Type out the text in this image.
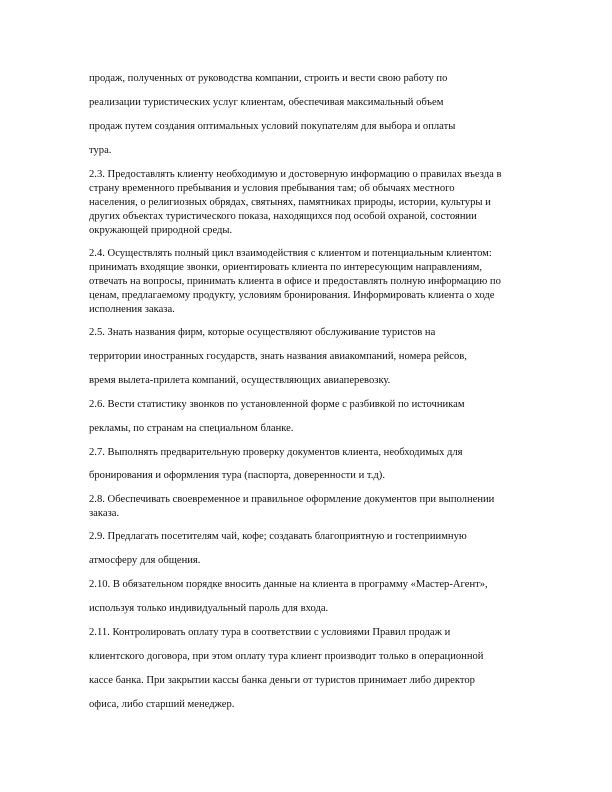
продаж, полученных от руководства компании, строить и вести свою работу по
реализации туристических услуг клиентам, обеспечивая максимальный объем
продаж путем создания оптимальных условий покупателям для выбора и оплаты
тура.
2.3. Предоставлять клиенту необходимую и достоверную информацию о правилах въезда в
страну временного пребывания и условия пребывания там; об обычаях местного
населения, о религиозных обрядах, святынях, памятниках природы, истории, культуры и
других объектах туристического показа, находящихся под особой охраной, состоянии
окружающей природной среды.
2.4. Осуществлять полный цикл взаимодействия с клиентом и потенциальным клиентом:
принимать входящие звонки, ориентировать клиента по интересующим направлениям,
отвечать на вопросы, принимать клиента в офисе и предоставлять полную информацию по
ценам, предлагаемому продукту, условиям бронирования. Информировать клиента о ходе
исполнения заказа.
2.5. Знать названия фирм, которые осуществляют обслуживание туристов на
территории иностранных государств, знать названия авиакомпаний, номера рейсов,
время вылета-прилета компаний, осуществляющих авиаперевозку.
2.6. Вести статистику звонков по установленной форме с разбивкой по источникам
рекламы, по странам на специальном бланке.
2.7. Выполнять предварительную проверку документов клиента, необходимых для
бронирования и оформления тура (паспорта, доверенности и т.д).
2.8. Обеспечивать своевременное и правильное оформление документов при выполнении
заказа.
2.9. Предлагать посетителям чай, кофе; создавать благоприятную и гостеприимную
атмосферу для общения.
2.10. В обязательном порядке вносить данные на клиента в программу «Мастер-Агент»,
используя только индивидуальный пароль для входа.
2.11. Контролировать оплату тура в соответствии с условиями Правил продаж и
клиентского договора, при этом оплату тура клиент производит только в операционной
кассе банка. При закрытии кассы банка деньги от туристов принимает либо директор
офиса, либо старший менеджер.
